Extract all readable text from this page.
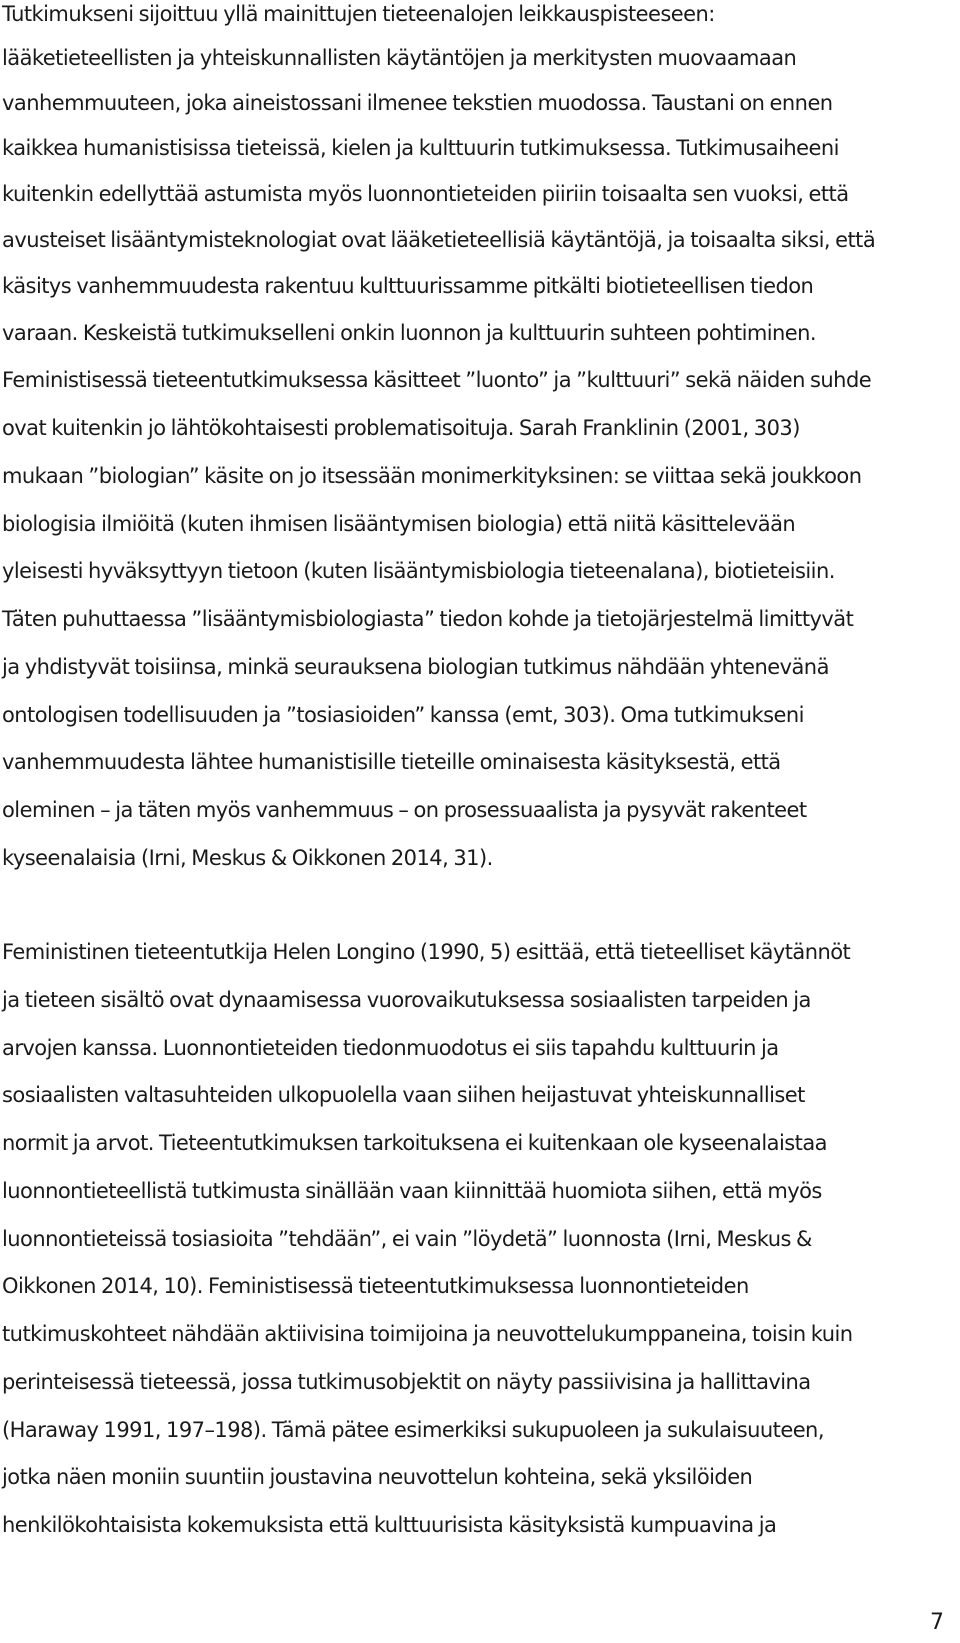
Tutkimukseni sijoittuu yllä mainittujen tieteenalojen leikkauspisteeseen:
lääketieteellisten ja yhteiskunnallisten käytäntöjen ja merkitysten muovaamaan
vanhemmuuteen, joka aineistossani ilmenee tekstien muodossa. Taustani on ennen
kaikkea humanistisissa tieteissä, kielen ja kulttuurin tutkimuksessa. Tutkimusaiheeni
kuitenkin edellyttää astumista myös luonnontieteiden piiriin toisaalta sen vuoksi, että
avusteiset lisääntymisteknologiat ovat lääketieteellisiä käytäntöjä, ja toisaalta siksi, että
käsitys vanhemmuudesta rakentuu kulttuurissamme pitkälti biotieteellisen tiedon
varaan. Keskeistä tutkimukselleni onkin luonnon ja kulttuurin suhteen pohtiminen.
Feministisessä tieteentutkimuksessa käsitteet ”luonto” ja ”kulttuuri” sekä näiden suhde
ovat kuitenkin jo lähtökohtaisesti problematisoituja. Sarah Franklinin (2001, 303)
mukaan ”biologian” käsite on jo itsessään monimerkityksinen: se viittaa sekä joukkoon
biologisia ilmiöitä (kuten ihmisen lisääntymisen biologia) että niitä käsittelevään
yleisesti hyväksyttyyn tietoon (kuten lisääntymisbiologia tieteenalana), biotieteisiin.
Täten puhuttaessa ”lisääntymisbiologiasta” tiedon kohde ja tietojärjestelmä limittyvät
ja yhdistyvät toisiinsa, minkä seurauksena biologian tutkimus nähdään yhtenevänä
ontologisen todellisuuden ja ”tosiasioiden” kanssa (emt, 303). Oma tutkimukseni
vanhemmuudesta lähtee humanistisille tieteille ominaisesta käsityksestä, että
oleminen – ja täten myös vanhemmuus – on prosessuaalista ja pysyvät rakenteet
kyseenalaisia (Irni, Meskus & Oikkonen 2014, 31).
Feministinen tieteentutkija Helen Longino (1990, 5) esittää, että tieteelliset käytännöt
ja tieteen sisältö ovat dynaamisessa vuorovaikutuksessa sosiaalisten tarpeiden ja
arvojen kanssa. Luonnontieteiden tiedonmuodotus ei siis tapahdu kulttuurin ja
sosiaalisten valtasuhteiden ulkopuolella vaan siihen heijastuvat yhteiskunnalliset
normit ja arvot. Tieteentutkimuksen tarkoituksena ei kuitenkaan ole kyseenalaistaa
luonnontieteellistä tutkimusta sinällään vaan kiinnittää huomiota siihen, että myös
luonnontieteissä tosiasioita ”tehdään”, ei vain ”löydetä” luonnosta (Irni, Meskus &
Oikkonen 2014, 10). Feministisessä tieteentutkimuksessa luonnontieteiden
tutkimuskohteet nähdään aktiivisina toimijoina ja neuvottelukumppaneina, toisin kuin
perinteisessä tieteessä, jossa tutkimusobjektit on näyty passiivisina ja hallittavina
(Haraway 1991, 197–198). Tämä pätee esimerkiksi sukupuoleen ja sukulaisuuteen,
jotka näen moniin suuntiin joustavina neuvottelun kohteina, sekä yksilöiden
henkilökohtaisista kokemuksista että kulttuurisista käsityksistä kumpuavina ja
7
